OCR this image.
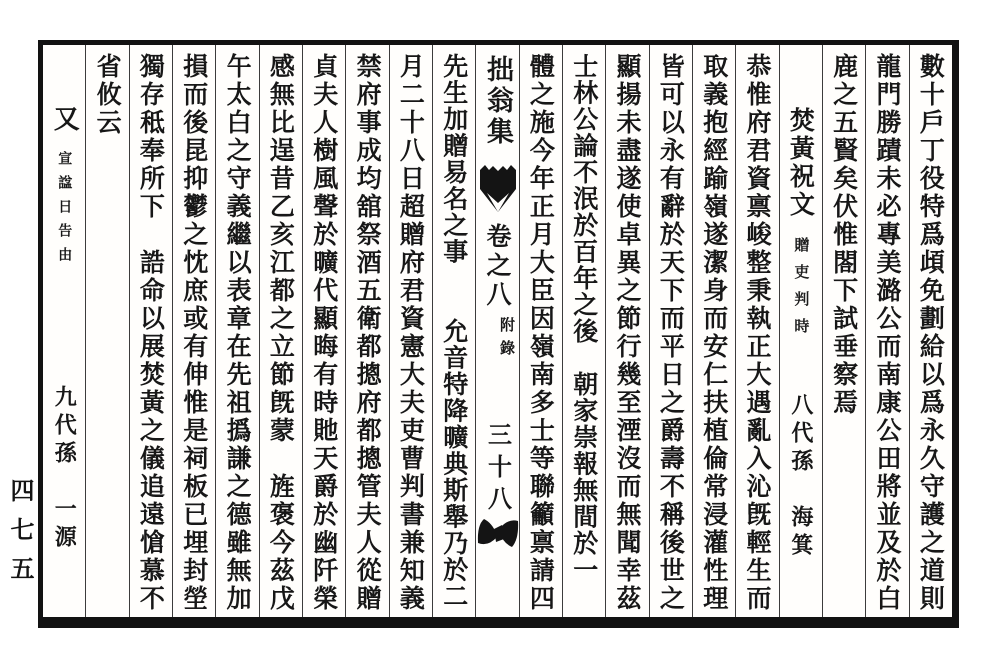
數十戶丁役特爲頉免劃給以爲永久守護之道則
龍門勝蹟未必專美潞公而南康公田將並及於白
鹿之五賢矣伏惟閤下試垂察焉
焚黃祝文
贈吏判時
八代孫　海箕
恭惟府君資禀峻整秉執正大遇亂入沁旣輕生而
取義抱經踰嶺遂潔身而安仁扶植倫常浸灌性理
皆可以永有辭於天下而平日之爵壽不稱後世之
顯揚未盡遂使卓異之節行幾至湮沒而無聞幸茲
士林公論不泯於百年之後　朝家崇報無間於一
體之施今年正月大臣因嶺南多士等聯籲禀請四
拙翁集
卷之八
附錄
三十八
先生加贈易名之事　　允音特降曠典斯舉乃於二
月二十八日超贈府君資憲大夫吏曹判書兼知義
禁府事成均舘祭酒五衛都摠府都摠管夫人從贈
貞夫人樹風聲於曠代顯晦有時貤天爵於幽阡榮
感無比逞昔乙亥江都之立節旣蒙　旌褒今茲戊
午太白之守義繼以表章在先祖撝謙之德雖無加
損而後昆抑鬱之忱庶或有伸惟是祠板已埋封塋
獨存秪奉所下　誥命以展焚黃之儀追遠愴慕不
省攸云
又
宣諡日告由
九代孫　一源
四七五
